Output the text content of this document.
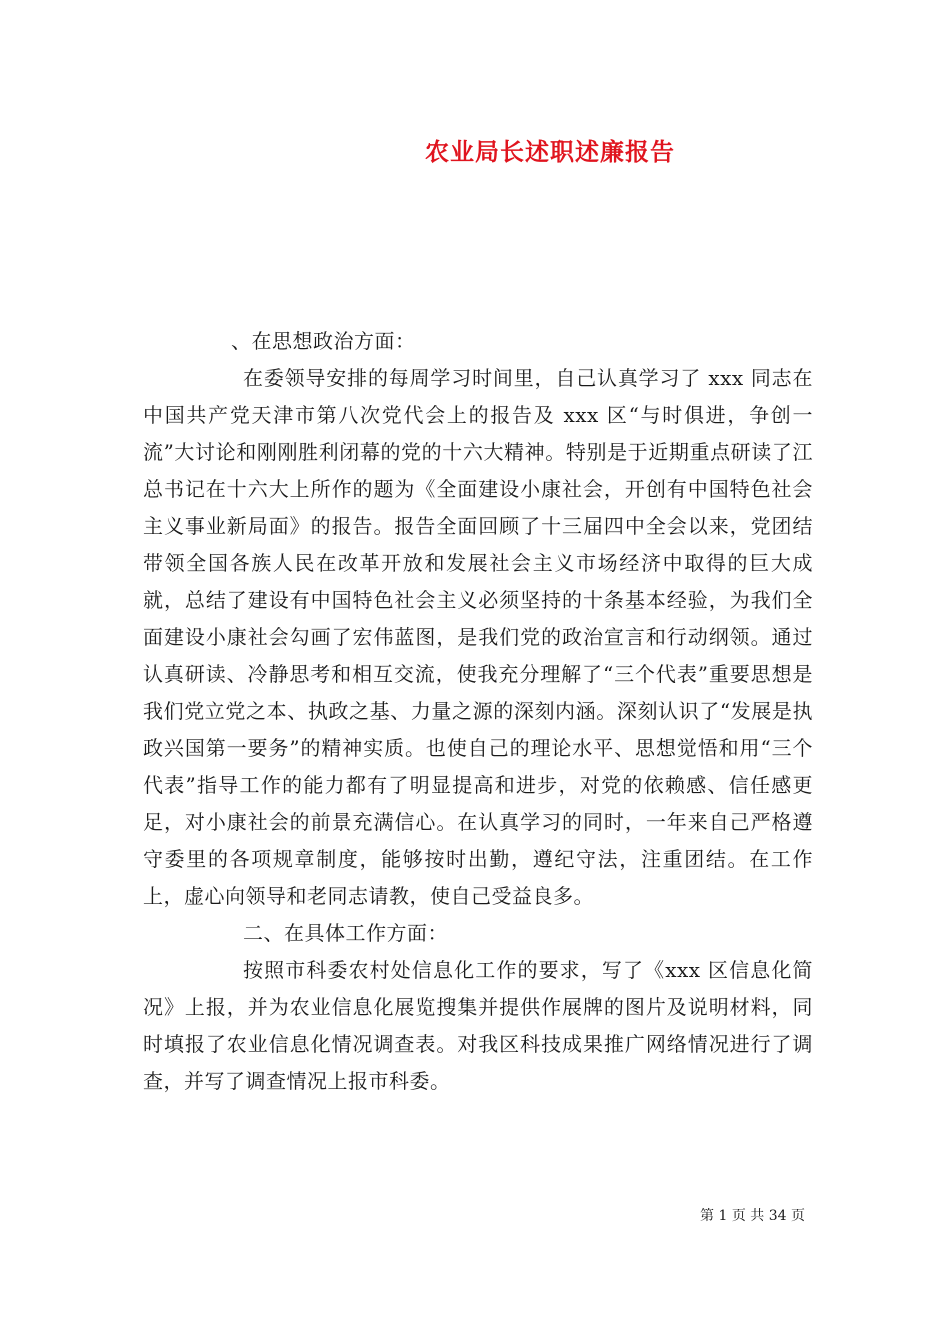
农业局长述职述廉报告

、在思想政治方面：

在委领导安排的每周学习时间里，自己认真学习了 xxx 同志在中国共产党天津市第八次党代会上的报告及 xxx 区“与时俱进，争创一流”大讨论和刚刚胜利闭幕的党的十六大精神。特别是于近期重点研读了江总书记在十六大上所作的题为《全面建设小康社会，开创有中国特色社会主义事业新局面》的报告。报告全面回顾了十三届四中全会以来，党团结带领全国各族人民在改革开放和发展社会主义市场经济中取得的巨大成就，总结了建设有中国特色社会主义必须坚持的十条基本经验，为我们全面建设小康社会勾画了宏伟蓝图，是我们党的政治宣言和行动纲领。通过认真研读、冷静思考和相互交流，使我充分理解了“三个代表”重要思想是我们党立党之本、执政之基、力量之源的深刻内涵。深刻认识了“发展是执政兴国第一要务”的精神实质。也使自己的理论水平、思想觉悟和用“三个代表”指导工作的能力都有了明显提高和进步，对党的依赖感、信任感更足，对小康社会的前景充满信心。在认真学习的同时，一年来自己严格遵守委里的各项规章制度，能够按时出勤，遵纪守法，注重团结。在工作上，虚心向领导和老同志请教，使自己受益良多。

二、在具体工作方面：

按照市科委农村处信息化工作的要求，写了《xxx 区信息化简况》上报，并为农业信息化展览搜集并提供作展牌的图片及说明材料，同时填报了农业信息化情况调查表。对我区科技成果推广网络情况进行了调查，并写了调查情况上报市科委。

第 1 页 共 34 页
